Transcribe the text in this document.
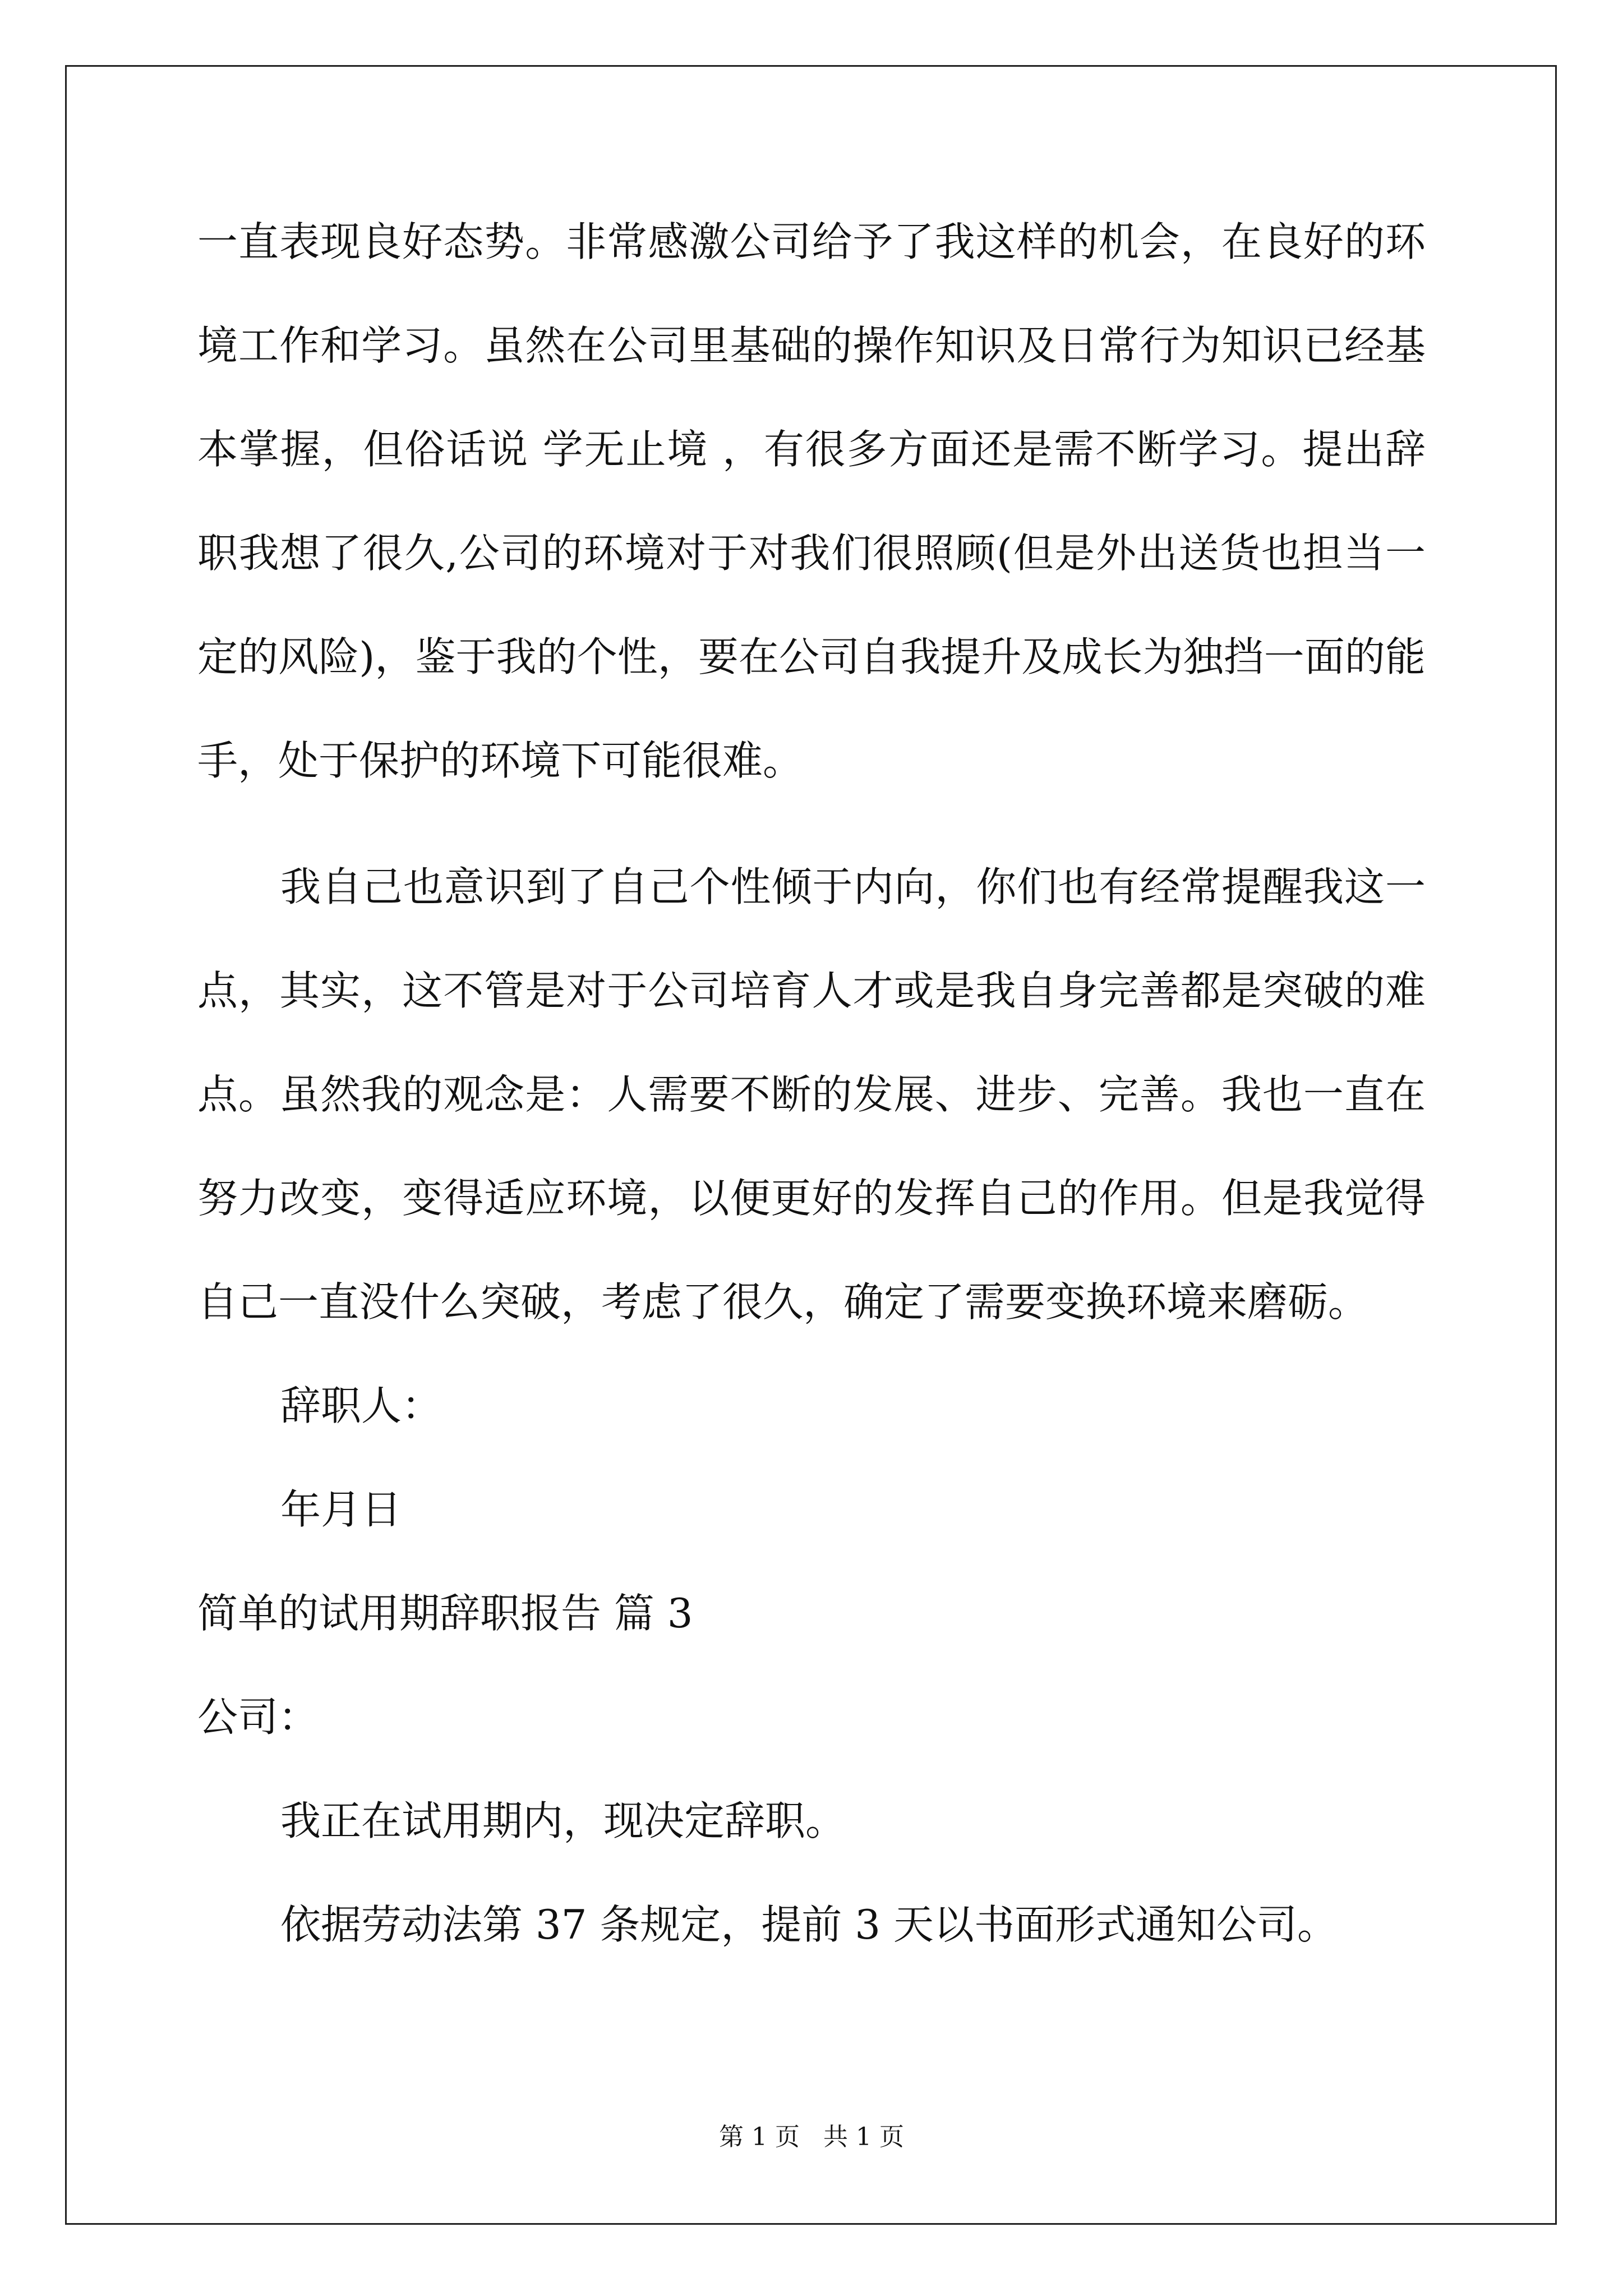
一直表现良好态势。非常感激公司给予了我这样的机会，在良好的环
境工作和学习。虽然在公司里基础的操作知识及日常行为知识已经基
本掌握，但俗话说 学无止境 ，有很多方面还是需不断学习。提出辞
职我想了很久,公司的环境对于对我们很照顾(但是外出送货也担当一
定的风险)，鉴于我的个性，要在公司自我提升及成长为独挡一面的能
手，处于保护的环境下可能很难。
我自己也意识到了自己个性倾于内向，你们也有经常提醒我这一
点，其实，这不管是对于公司培育人才或是我自身完善都是突破的难
点。虽然我的观念是：人需要不断的发展、进步、完善。我也一直在
努力改变，变得适应环境，以便更好的发挥自己的作用。但是我觉得
自己一直没什么突破，考虑了很久，确定了需要变换环境来磨砺。
辞职人：
年月日
简单的试用期辞职报告 篇 3
公司：
我正在试用期内，现决定辞职。
依据劳动法第 37 条规定，提前 3 天以书面形式通知公司。
第 1 页   共 1 页
